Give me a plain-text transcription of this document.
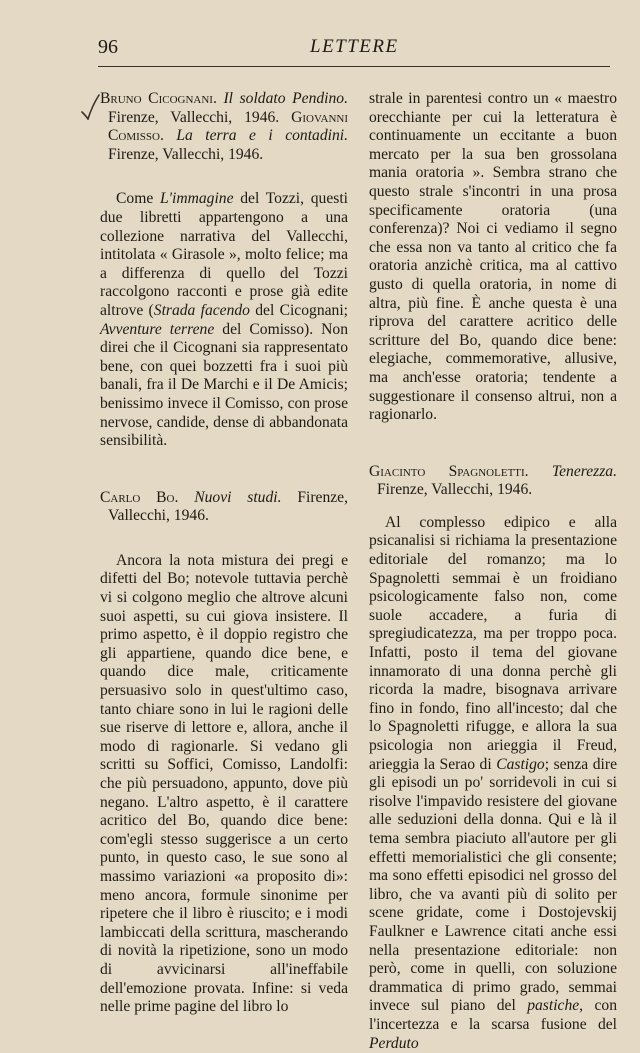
96	LETTERE

Bruno Cicognani. Il soldato Pendino. Firenze, Vallecchi, 1946. Giovanni Comisso. La terra e i contadini. Firenze, Vallecchi, 1946.

Come L'immagine del Tozzi, questi due libretti appartengono a una collezione narrativa del Vallecchi, intitolata « Girasole », molto felice; ma a differenza di quello del Tozzi raccolgono racconti e prose già edite altrove (Strada facendo del Cicognani; Avventure terrene del Comisso). Non direi che il Cicognani sia rappresentato bene, con quei bozzetti fra i suoi più banali, fra il De Marchi e il De Amicis; benissimo invece il Comisso, con prose nervose, candide, dense di abbandonata sensibilità.

Carlo Bo. Nuovi studi. Firenze, Vallecchi, 1946.

Ancora la nota mistura dei pregi e difetti del Bo; notevole tuttavia perchè vi si colgono meglio che altrove alcuni suoi aspetti, su cui giova insistere. Il primo aspetto, è il doppio registro che gli appartiene, quando dice bene, e quando dice male, criticamente persuasivo solo in quest'ultimo caso, tanto chiare sono in lui le ragioni delle sue riserve di lettore e, allora, anche il modo di ragionarle. Si vedano gli scritti su Soffici, Comisso, Landolfi: che più persuadono, appunto, dove più negano. L'altro aspetto, è il carattere acritico del Bo, quando dice bene: com'egli stesso suggerisce a un certo punto, in questo caso, le sue sono al massimo variazioni «a proposito di»: meno ancora, formule sinonime per ripetere che il libro è riuscito; e i modi lambiccati della scrittura, mascherando di novità la ripetizione, sono un modo di avvicinarsi all'ineffabile dell'emozione provata. Infine: si veda nelle prime pagine del libro lo

strale in parentesi contro un « maestro orecchiante per cui la letteratura è continuamente un eccitante a buon mercato per la sua ben grossolana mania oratoria ». Sembra strano che questo strale s'incontri in una prosa specificamente oratoria (una conferenza)? Noi ci vediamo il segno che essa non va tanto al critico che fa oratoria anzichè critica, ma al cattivo gusto di quella oratoria, in nome di altra, più fine. È anche questa è una riprova del carattere acritico delle scritture del Bo, quando dice bene: elegiache, commemorative, allusive, ma anch'esse oratoria; tendente a suggestionare il consenso altrui, non a ragionarlo.

Giacinto Spagnoletti. Tenerezza. Firenze, Vallecchi, 1946.

Al complesso edipico e alla psicanalisi si richiama la presentazione editoriale del romanzo; ma lo Spagnoletti semmai è un froidiano psicologicamente falso non, come suole accadere, a furia di spregiudicatezza, ma per troppo poca. Infatti, posto il tema del giovane innamorato di una donna perchè gli ricorda la madre, bisognava arrivare fino in fondo, fino all'incesto; dal che lo Spagnoletti rifugge, e allora la sua psicologia non arieggia il Freud, arieggia la Serao di Castigo; senza dire gli episodi un po' sorridevoli in cui si risolve l'impavido resistere del giovane alle seduzioni della donna. Qui e là il tema sembra piaciuto all'autore per gli effetti memorialistici che gli consente; ma sono effetti episodici nel grosso del libro, che va avanti più di solito per scene gridate, come i Dostojevskij Faulkner e Lawrence citati anche essi nella presentazione editoriale: non però, come in quelli, con soluzione drammatica di primo grado, semmai invece sul piano del pastiche, con l'incertezza e la scarsa fusione del Perduto
